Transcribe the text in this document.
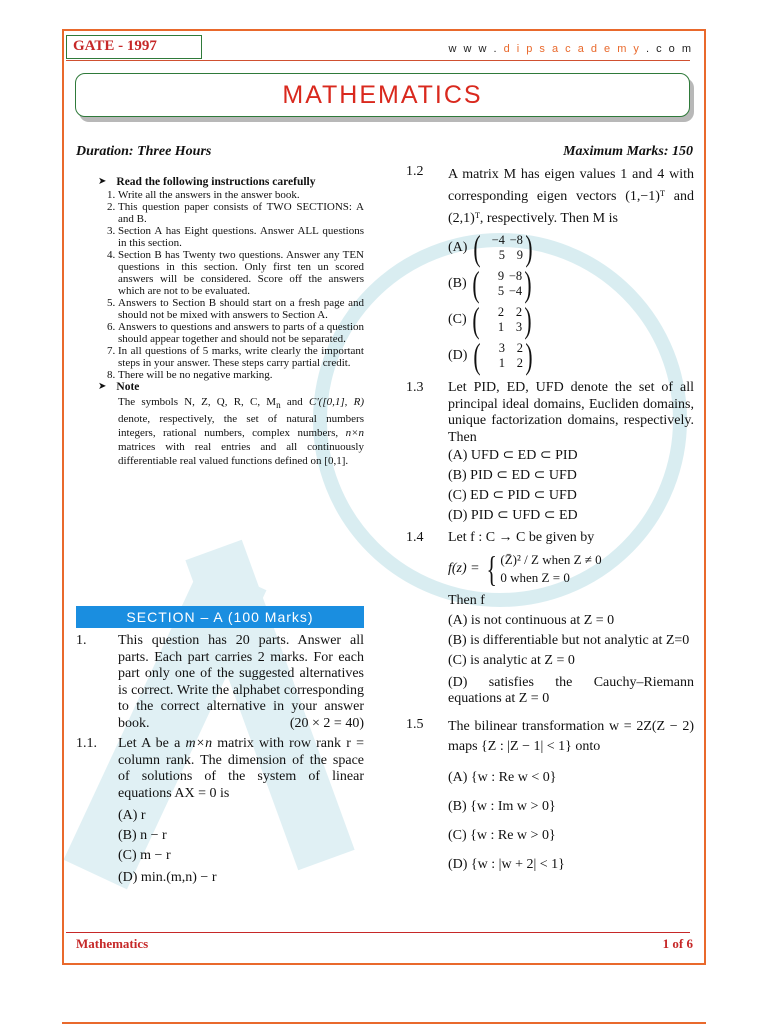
GATE - 1997	w w w . d i p s a c a d e m y . c o m
MATHEMATICS
Duration: Three Hours	Maximum Marks: 150
➤ Read the following instructions carefully
1. Write all the answers in the answer book.
2. This question paper consists of TWO SECTIONS: A and B.
3. Section A has Eight questions. Answer ALL questions in this section.
4. Section B has Twenty two questions. Answer any TEN questions in this section. Only first ten un scored answers will be considered. Score off the answers which are not to be evaluated.
5. Answers to Section B should start on a fresh page and should not be mixed with answers to Section A.
6. Answers to questions and answers to parts of a question should appear together and should not be separated.
7. In all questions of 5 marks, write clearly the important steps in your answer. These steps carry partial credit.
8. There will be no negative marking.
➤ Note
The symbols N, Z, Q, R, C, $M_n$ and C'([0,1], R) denote, respectively, the set of natural numbers integers, rational numbers, complex numbers, n×n matrices with real entries and all continuously differentiable real valued functions defined on [0,1].
SECTION – A (100 Marks)
1.	This question has 20 parts. Answer all parts. Each part carries 2 marks. For each part only one of the suggested alternatives is correct. Write the alphabet corresponding to the correct alternative in your answer book.	(20 × 2 = 40)
1.1.	Let A be a m×n matrix with row rank r = column rank. The dimension of the space of solutions of the system of linear equations AX = 0 is
(A) r
(B) n − r
(C) m − r
(D) min.(m,n) − r
1.2	A matrix M has eigen values 1 and 4 with corresponding eigen vectors (1,−1)ᵀ and (2,1)ᵀ, respectively. Then M is
(A) ( −4 −8
5 9 )
(B) (	9 −8
5 −4 )
(C) (	2 2
1 3 )
(D) (	3 2
1 2 )
1.3	Let PID, ED, UFD denote the set of all principal ideal domains, Eucliden domains, unique factorization domains, respectively. Then
(A) UFD ⊂ ED ⊂ PID
(B) PID ⊂ ED ⊂ UFD
(C) ED ⊂ PID ⊂ UFD
(D) PID ⊂ UFD ⊂ ED
1.4	Let f : C → C be given by
f(z) = { (Z̄)² / Z when Z ≠ 0
0 when Z = 0
Then f
(A) is not continuous at Z = 0
(B) is differentiable but not analytic at Z=0
(C) is analytic at Z = 0
(D) satisfies the Cauchy–Riemann equations at Z = 0
1.5	The bilinear transformation w = 2Z(Z − 2) maps {Z : |Z − 1| < 1} onto
(A) {w : Re w < 0}
(B) {w : Im w > 0}
(C) {w : Re w > 0}
(D) {w : |w + 2| < 1}
Mathematics	1 of 6
